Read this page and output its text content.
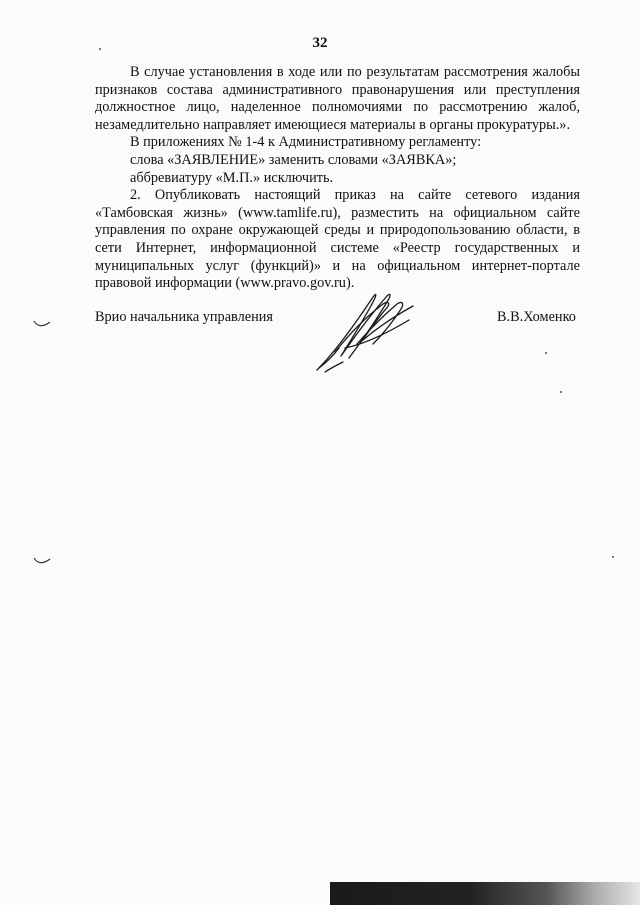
32

В случае установления в ходе или по результатам рассмотрения жалобы признаков состава административного правонарушения или преступления должностное лицо, наделенное полномочиями по рассмотрению жалоб, незамедлительно направляет имеющиеся материалы в органы прокуратуры.».

В приложениях № 1-4 к Административному регламенту:

слова «ЗАЯВЛЕНИЕ» заменить словами «ЗАЯВКА»;

аббревиатуру «М.П.» исключить.

2. Опубликовать настоящий приказ на сайте сетевого издания «Тамбовская жизнь» (www.tamlife.ru), разместить на официальном сайте управления по охране окружающей среды и природопользованию области, в сети Интернет, информационной системе «Реестр государственных и муниципальных услуг (функций)» и на официальном интернет-портале правовой информации (www.pravo.gov.ru).

Врио начальника управления	В.В.Хоменко
